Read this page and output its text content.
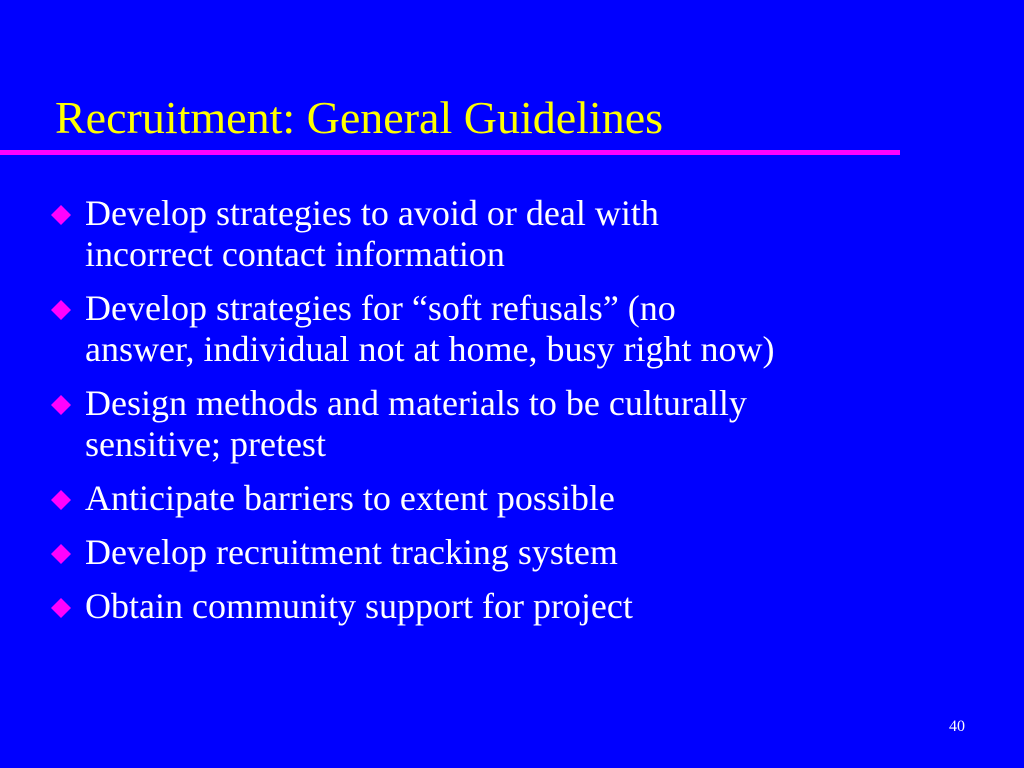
Recruitment: General Guidelines
Develop strategies to avoid or deal with
incorrect contact information
Develop strategies for “soft refusals” (no
answer, individual not at home, busy right now)
Design methods and materials to be culturally
sensitive; pretest
Anticipate barriers to extent possible
Develop recruitment tracking system
Obtain community support for project
40
